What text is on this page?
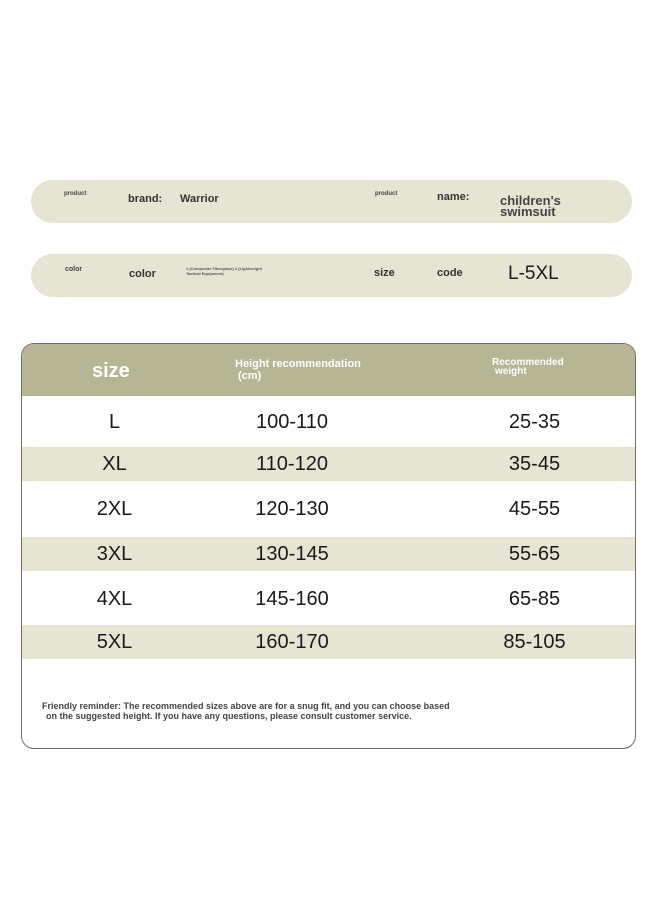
product	brand: Warrior	product	name: children's
swimsuit
color	color	1.(Composite Fiberglass) 2.(Lightweight
Tactical Equipment)	size	code L-5XL
size	Height recommendation
(cm)
Recommended
weight
L	100-110	25-35
XL	110-120	35-45
2XL	120-130	45-55
3XL	130-145	55-65
4XL	145-160	65-85
5XL	160-170	85-105
Friendly reminder: The recommended sizes above are for a snug fit, and you can choose based
on the suggested height. If you have any questions, please consult customer service.
